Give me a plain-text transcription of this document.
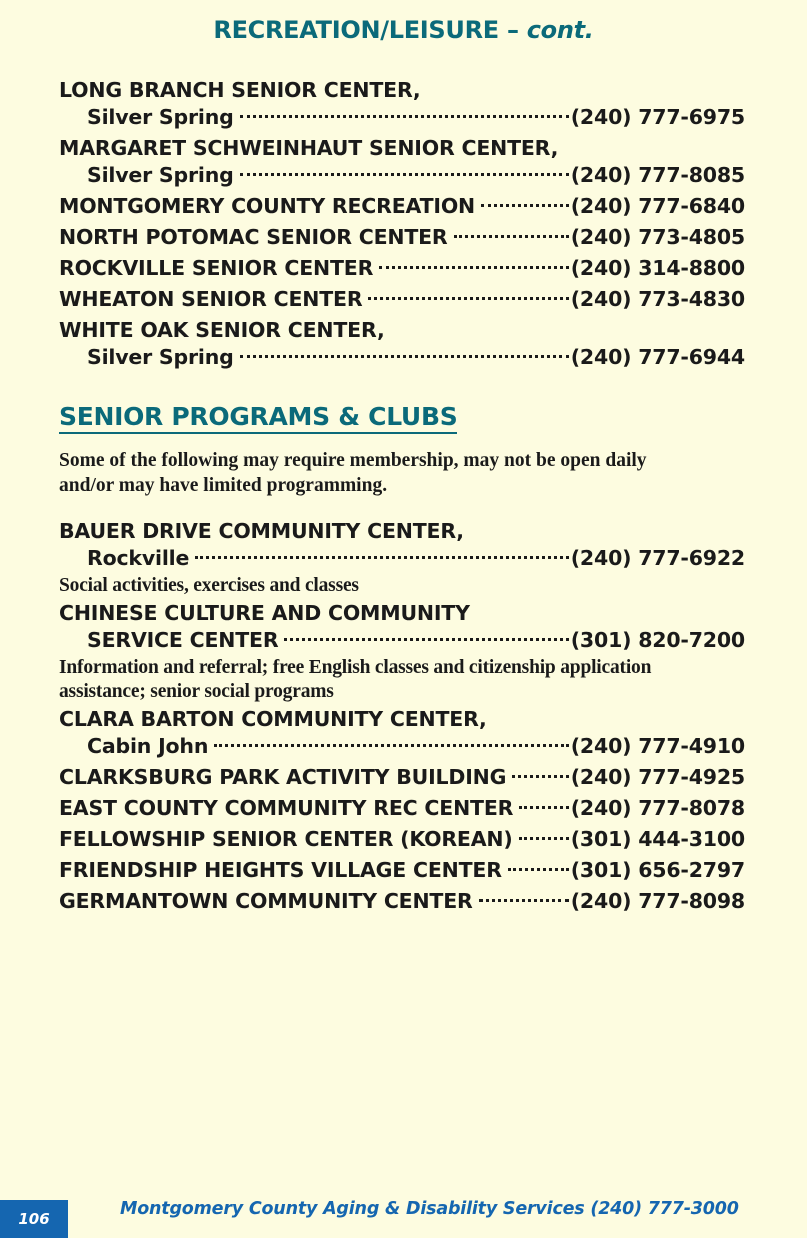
RECREATION/LEISURE – cont.
LONG BRANCH SENIOR CENTER,
Silver Spring	(240) 777-6975
MARGARET SCHWEINHAUT SENIOR CENTER,
Silver Spring	(240) 777-8085
MONTGOMERY COUNTY RECREATION	(240) 777-6840
NORTH POTOMAC SENIOR CENTER	(240) 773-4805
ROCKVILLE SENIOR CENTER	(240) 314-8800
WHEATON SENIOR CENTER	(240) 773-4830
WHITE OAK SENIOR CENTER,
Silver Spring	(240) 777-6944
SENIOR PROGRAMS & CLUBS
Some of the following may require membership, may not be open daily
and/or may have limited programming.
BAUER DRIVE COMMUNITY CENTER,
Rockville	(240) 777-6922
Social activities, exercises and classes
CHINESE CULTURE AND COMMUNITY
SERVICE CENTER	(301) 820-7200
Information and referral; free English classes and citizenship application
assistance; senior social programs
CLARA BARTON COMMUNITY CENTER,
Cabin John	(240) 777-4910
CLARKSBURG PARK ACTIVITY BUILDING	(240) 777-4925
EAST COUNTY COMMUNITY REC CENTER	(240) 777-8078
FELLOWSHIP SENIOR CENTER (KOREAN)	(301) 444-3100
FRIENDSHIP HEIGHTS VILLAGE CENTER	(301) 656-2797
GERMANTOWN COMMUNITY CENTER	(240) 777-8098
106	Montgomery County Aging & Disability Services (240) 777-3000
